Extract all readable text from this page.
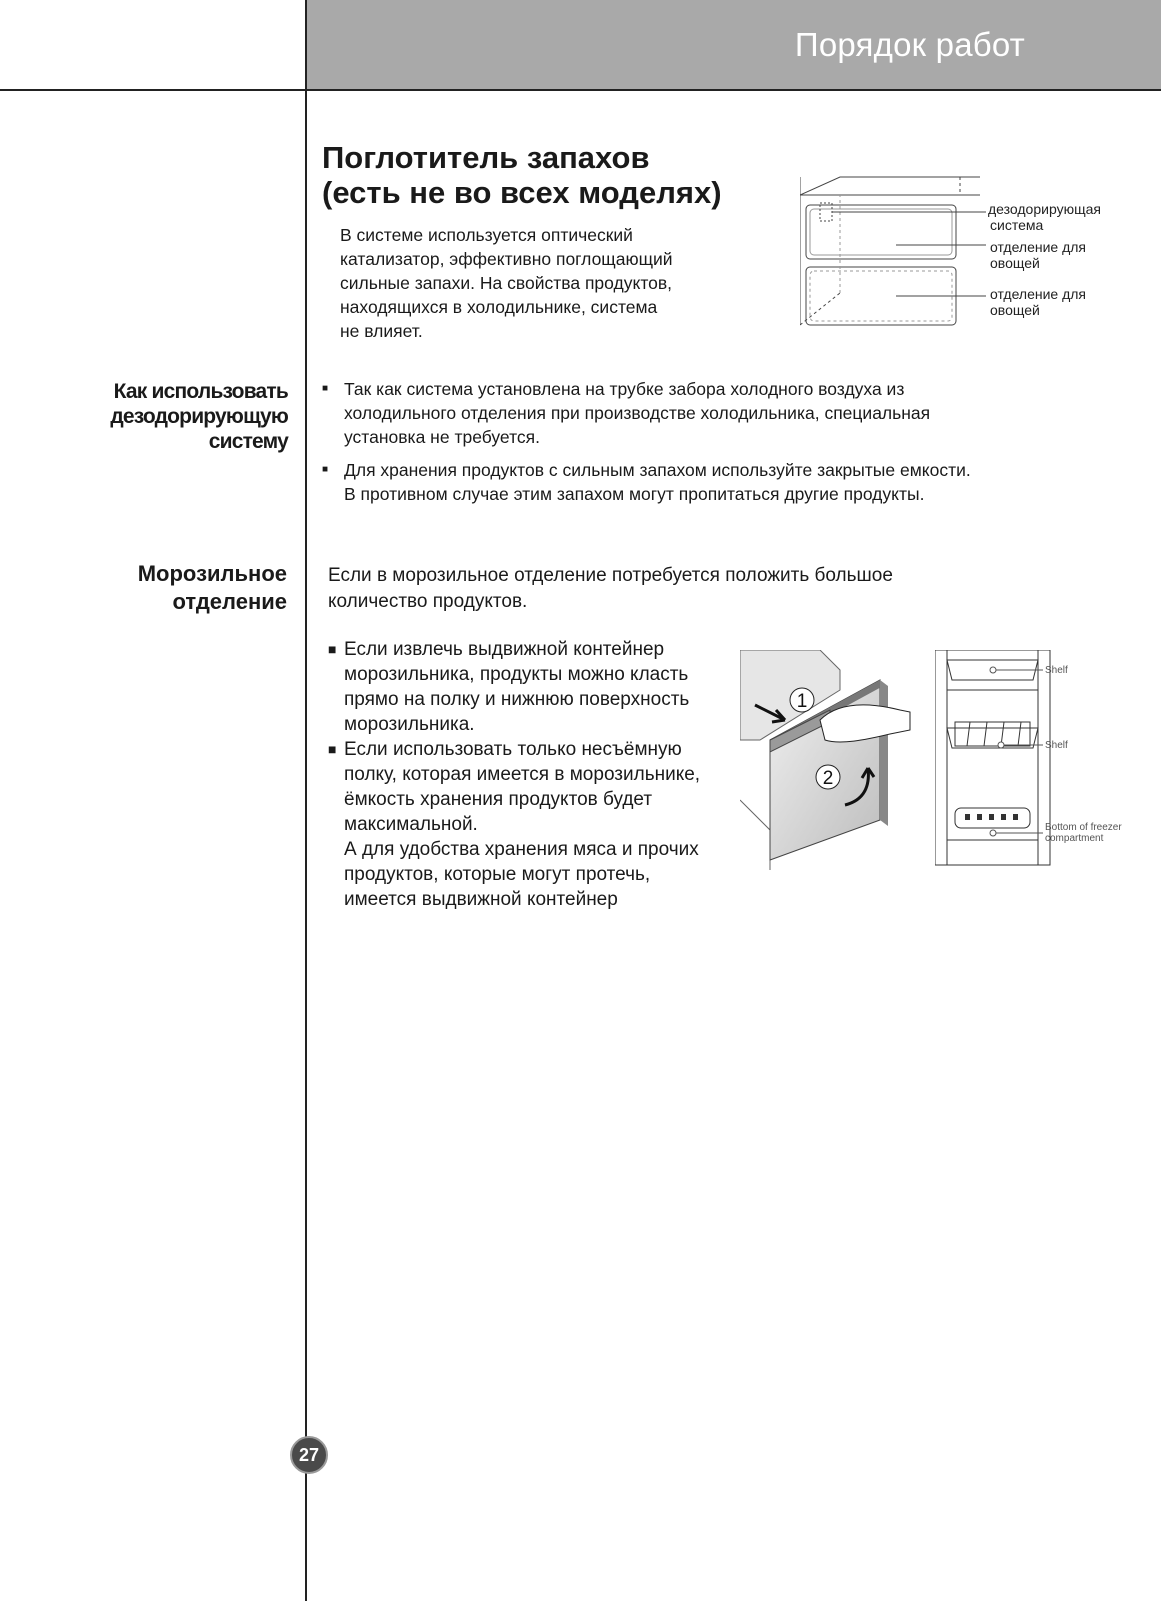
Порядок работ
Поглотитель запахов
(есть не во всех моделях)
В системе используется оптический
катализатор, эффективно поглощающий
сильные запахи. На свойства продуктов,
находящихся в холодильнике, система
не влияет.
дезодорирующая система
отделение для овощей
отделение для овощей
Как использовать
дезодорирующую
систему
■ Так как система установлена на трубке забора холодного воздуха из
холодильного отделения при производстве холодильника, специальная
установка не требуется.
■ Для хранения продуктов с сильным запахом используйте закрытые емкости.
В противном случае этим запахом могут пропитаться другие продукты.
Морозильное
отделение
Если в морозильное отделение потребуется положить большое
количество продуктов.
■ Если извлечь выдвижной контейнер
морозильника, продукты можно класть
прямо на полку и нижнюю поверхность
морозильника.
■ Если использовать только несъёмную
полку, которая имеется в морозильнике,
ёмкость хранения продуктов будет
максимальной.
А для удобства хранения мяса и прочих
продуктов, которые могут протечь,
имеется выдвижной контейнер
1
2
Shelf
Shelf
Bottom of freezer
compartment
27
